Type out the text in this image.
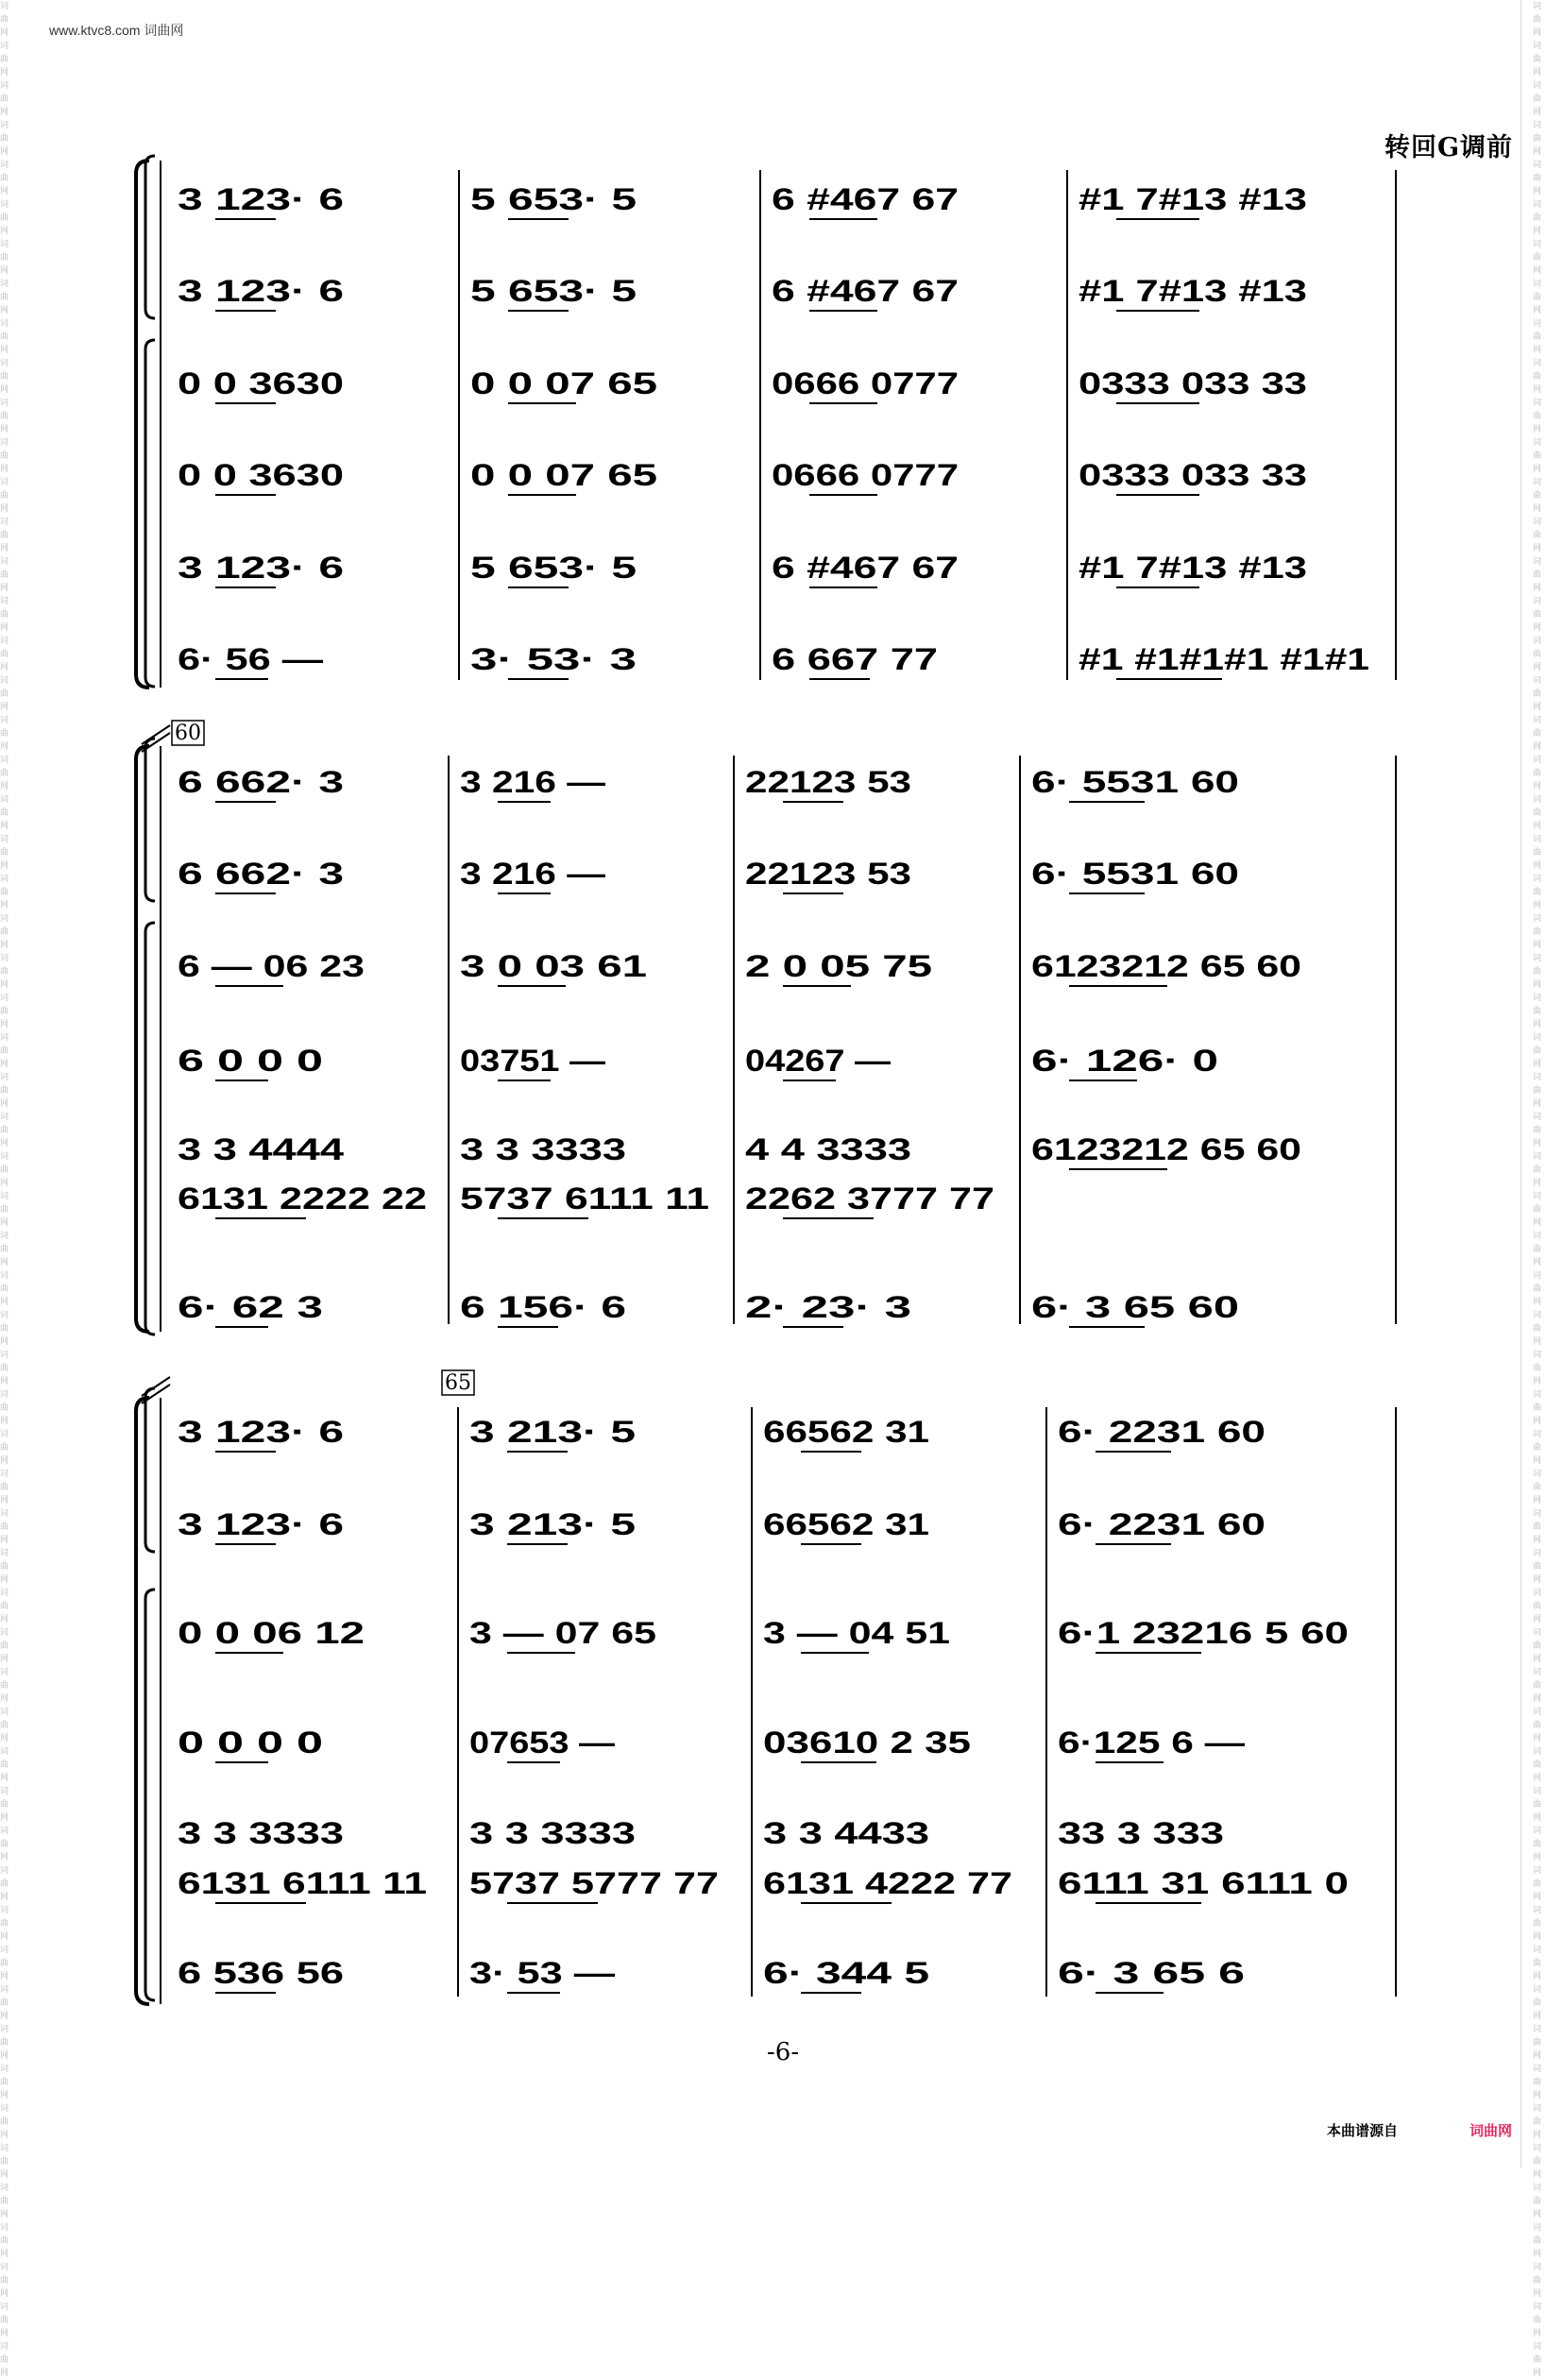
词曲网词曲网词曲网词曲网词曲网词曲网词曲网词曲网词曲网词曲网词曲网词曲网词曲网词曲网词曲网词曲网词曲网词曲网词曲网词曲网词曲网词曲网词曲网词曲网词曲网词曲网词曲网词曲网词曲网词曲网词曲网词曲网词曲网词曲网词曲网词曲网词曲网词曲网词曲网词曲网词曲网词曲网词曲网词曲网词曲网词曲网词曲网词曲网词曲网词曲网词曲网词曲网词曲网词曲网词曲网词曲网词曲网词曲网词曲网词曲网
词曲网词曲网词曲网词曲网词曲网词曲网词曲网词曲网词曲网词曲网词曲网词曲网词曲网词曲网词曲网词曲网词曲网词曲网词曲网词曲网词曲网词曲网词曲网词曲网词曲网词曲网词曲网词曲网词曲网词曲网词曲网词曲网词曲网词曲网词曲网词曲网词曲网词曲网词曲网词曲网词曲网词曲网词曲网词曲网词曲网词曲网词曲网词曲网词曲网词曲网词曲网词曲网词曲网词曲网词曲网词曲网词曲网词曲网词曲网词曲网
www.ktvc8.com 词曲网
转回G调前
3 123· 6
3 123· 6
0 0 3630
0 0 3630
3 123· 6
6· 56 —
5 653· 5
5 653· 5
0 0 07 65
0 0 07 65
5 653· 5
3· 53· 3
6 #467 67
6 #467 67
0666 0777
0666 0777
6 #467 67
6 667 77
#1 7#13 #13
#1 7#13 #13
0333 033 33
0333 033 33
#1 7#13 #13
#1 #1#1#1 #1#1
6 662· 3
6 662· 3
6 — 06 23
6 0 0 0
3 3 4444
6131 2222 22
6· 62 3
3 216 —
3 216 —
3 0 03 61
03751 —
3 3 3333
5737 6111 11
6 156· 6
22123 53
22123 53
2 0 05 75
04267 —
4 4 3333
2262 3777 77
2· 23· 3
6· 5531 60
6· 5531 60
6123212 65 60
6· 126· 0
6123212 65 60
6· 3 65 60
3 123· 6
3 123· 6
0 0 06 12
0 0 0 0
3 3 3333
6131 6111 11
6 536 56
3 213· 5
3 213· 5
3 — 07 65
07653 —
3 3 3333
5737 5777 77
3· 53 —
66562 31
66562 31
3 — 04 51
03610 2 35
3 3 4433
6131 4222 77
6· 344 5
6· 2231 60
6· 2231 60
6·1 23216 5 60
6·125 6 —
33 3 333
6111 31 6111 0
6· 3 65 6
60
65
-6-
本曲谱源自	词曲网
